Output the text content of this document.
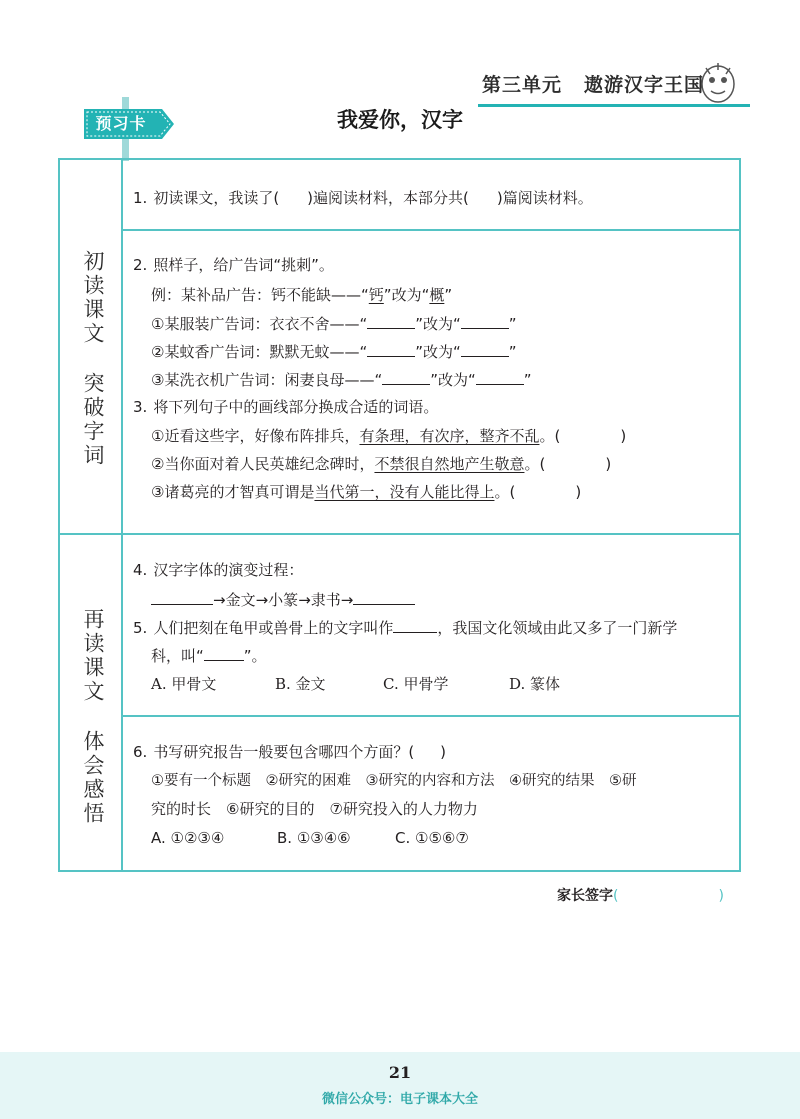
第三单元 遨游汉字王国
预习卡	我爱你，汉字
初读课文突破字词
再读课文体会感悟
1. 初读课文，我读了( )遍阅读材料，本部分共( )篇阅读材料。
2. 照样子，给广告词“挑刺”。
例：某补品广告：钙不能缺——“钙”改为“概”
①某服装广告词：衣衣不舍——“	”改为“	”
②某蚊香广告词：默默无蚊——“	”改为“	”
③某洗衣机广告词：闲妻良母——“	”改为“	”
3. 将下列句子中的画线部分换成合适的词语。
①近看这些字，好像布阵排兵，有条理，有次序，整齐不乱。(	)
②当你面对着人民英雄纪念碑时，不禁很自然地产生敬意。(	)
③诸葛亮的才智真可谓是当代第一，没有人能比得上。(	)
4. 汉字字体的演变过程：
→金文→小篆→隶书→
5. 人们把刻在龟甲或兽骨上的文字叫作	，我国文化领域由此又多了一门新学
科，叫“	”。
A. 甲骨文	B. 金文	C. 甲骨学	D. 篆体
6. 书写研究报告一般要包含哪四个方面？( )
①要有一个标题　②研究的困难　③研究的内容和方法　④研究的结果　⑤研
究的时长　⑥研究的目的　⑦研究投入的人力物力
A. ①②③④	B. ①③④⑥	C. ①⑤⑥⑦
家长签字(	)
21
微信公众号：电子课本大全
